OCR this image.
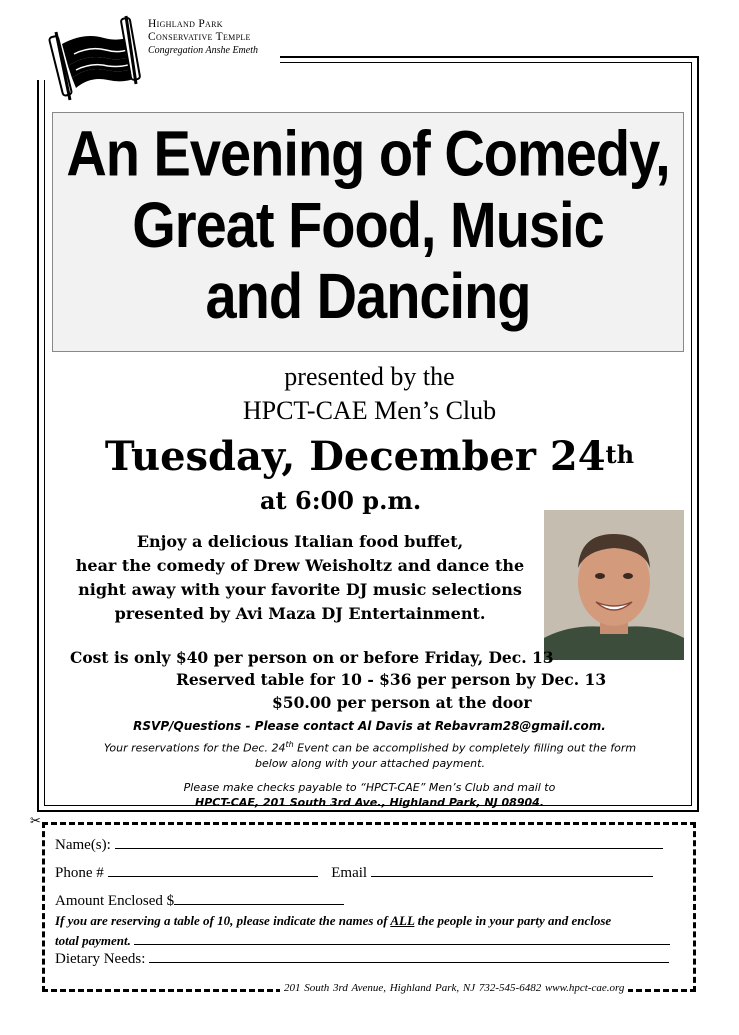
Highland Park
Conservative Temple
Congregation Anshe Emeth
An Evening of Comedy,
Great Food, Music
and Dancing
presented by the
HPCT-CAE Men’s Club
Tuesday, December 24th
at 6:00 p.m.
Enjoy a delicious Italian food buffet,
hear the comedy of Drew Weisholtz and dance the
night away with your favorite DJ music selections
presented by Avi Maza DJ Entertainment.
Cost is only $40 per person on or before Friday, Dec. 13
Reserved table for 10 - $36 per person by Dec. 13
$50.00 per person at the door
RSVP/Questions - Please contact Al Davis at Rebavram28@gmail.com.
Your reservations for the Dec. 24th Event can be accomplished by completely filling out the form
below along with your attached payment.
Please make checks payable to “HPCT-CAE” Men’s Club and mail to
HPCT-CAE, 201 South 3rd Ave., Highland Park, NJ 08904.
✂
Name(s):
Phone #	Email
Amount Enclosed $
If you are reserving a table of 10, please indicate the names of ALL the people in your party and enclose
total payment.
Dietary Needs:
201 South 3rd Avenue, Highland Park, NJ 732-545-6482 www.hpct-cae.org
